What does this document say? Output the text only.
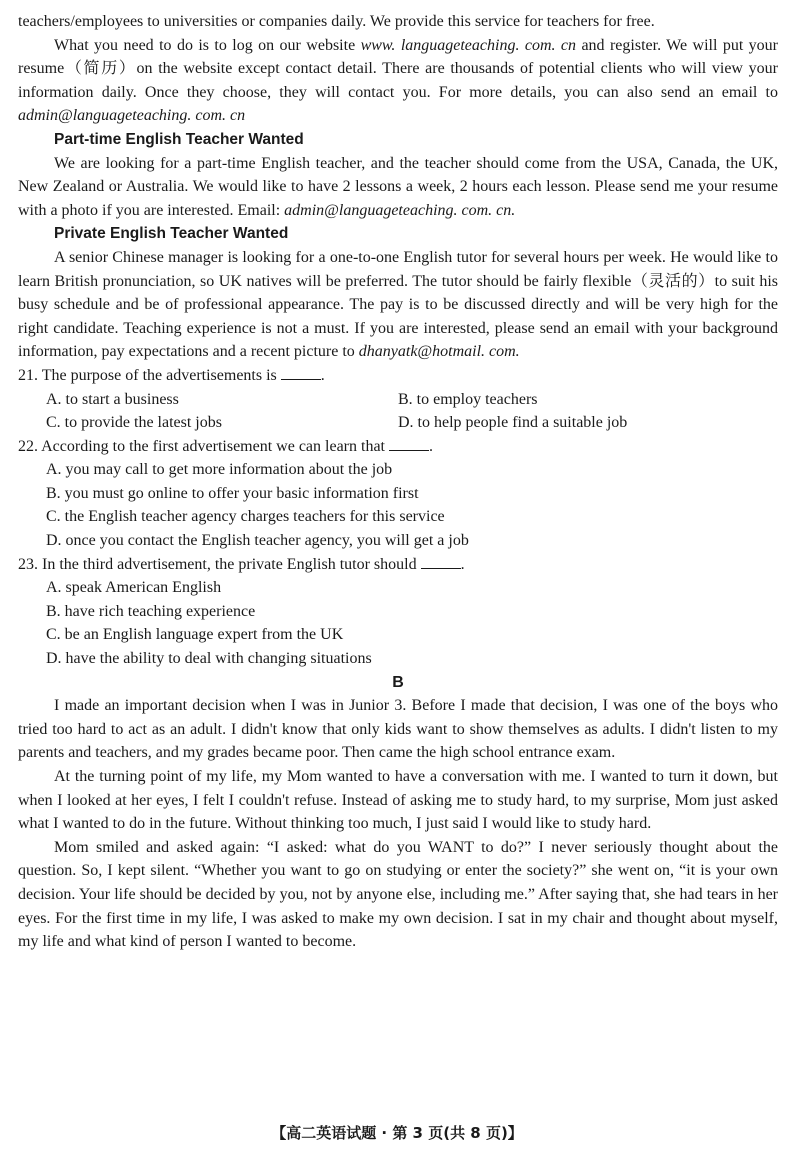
teachers/employees to universities or companies daily. We provide this service for teachers for free.

What you need to do is to log on our website www. languageteaching. com. cn and register. We will put your resume（简历）on the website except contact detail. There are thousands of potential clients who will view your information daily. Once they choose, they will contact you. For more details, you can also send an email to admin@languageteaching. com. cn

Part-time English Teacher Wanted

We are looking for a part-time English teacher, and the teacher should come from the USA, Canada, the UK, New Zealand or Australia. We would like to have 2 lessons a week, 2 hours each lesson. Please send me your resume with a photo if you are interested. Email: admin@languageteaching. com. cn.

Private English Teacher Wanted

A senior Chinese manager is looking for a one-to-one English tutor for several hours per week. He would like to learn British pronunciation, so UK natives will be preferred. The tutor should be fairly flexible（灵活的）to suit his busy schedule and be of professional appearance. The pay is to be discussed directly and will be very high for the right candidate. Teaching experience is not a must. If you are interested, please send an email with your background information, pay expectations and a recent picture to dhanyatk@hotmail. com.

21. The purpose of the advertisements is	.

A. to start a business	B. to employ teachers
C. to provide the latest jobs	D. to help people find a suitable job

22. According to the first advertisement we can learn that	.

A. you may call to get more information about the job

B. you must go online to offer your basic information first

C. the English teacher agency charges teachers for this service

D. once you contact the English teacher agency, you will get a job

23. In the third advertisement, the private English tutor should	.

A. speak American English

B. have rich teaching experience

C. be an English language expert from the UK

D. have the ability to deal with changing situations

B

I made an important decision when I was in Junior 3. Before I made that decision, I was one of the boys who tried too hard to act as an adult. I didn't know that only kids want to show themselves as adults. I didn't listen to my parents and teachers, and my grades became poor. Then came the high school entrance exam.

At the turning point of my life, my Mom wanted to have a conversation with me. I wanted to turn it down, but when I looked at her eyes, I felt I couldn't refuse. Instead of asking me to study hard, to my surprise, Mom just asked what I wanted to do in the future. Without thinking too much, I just said I would like to study hard.

Mom smiled and asked again: “I asked: what do you WANT to do?” I never seriously thought about the question. So, I kept silent. “Whether you want to go on studying or enter the society?” she went on, “it is your own decision. Your life should be decided by you, not by anyone else, including me.” After saying that, she had tears in her eyes. For the first time in my life, I was asked to make my own decision. I sat in my chair and thought about myself, my life and what kind of person I wanted to become.

【高二英语试题 · 第 3 页(共 8 页)】
